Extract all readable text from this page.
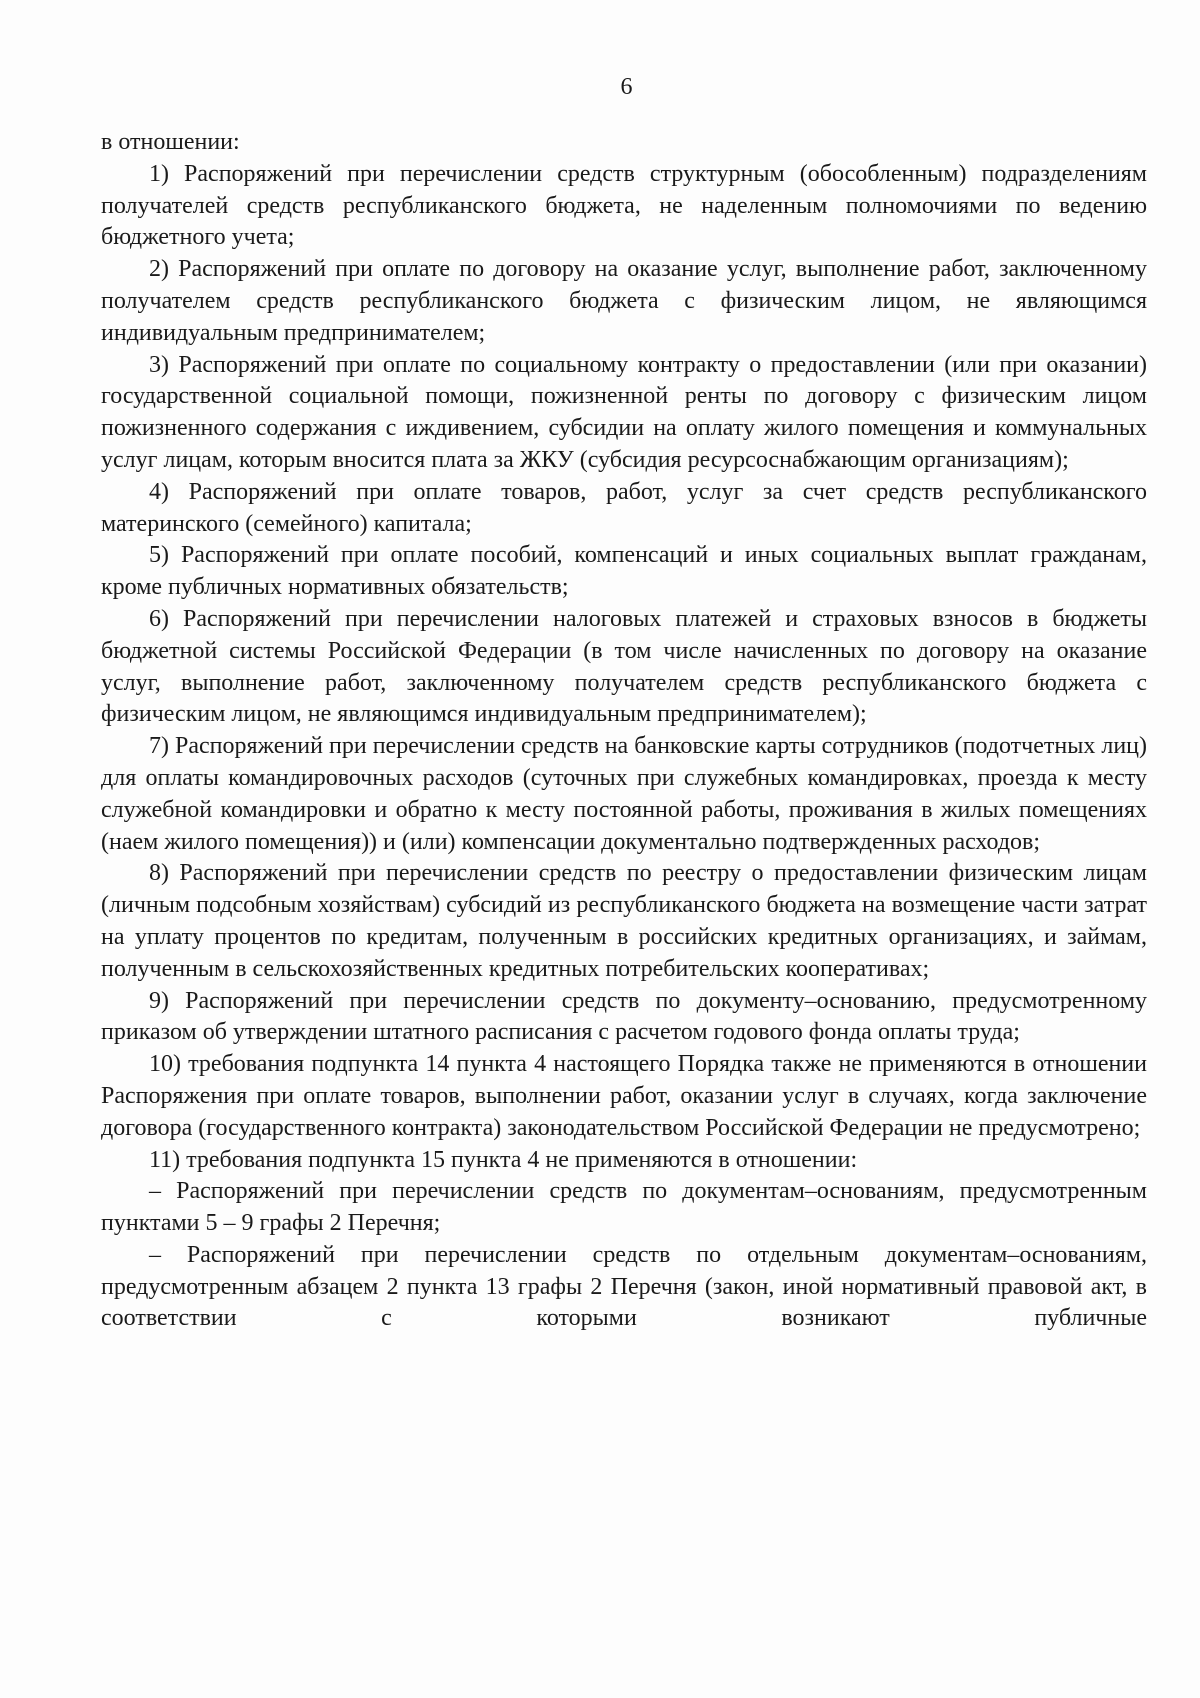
6

в отношении:

1) Распоряжений при перечислении средств структурным (обособленным) подразделениям получателей средств республиканского бюджета, не наделенным полномочиями по ведению бюджетного учета;

2) Распоряжений при оплате по договору на оказание услуг, выполнение работ, заключенному получателем средств республиканского бюджета с физическим лицом, не являющимся индивидуальным предпринимателем;

3) Распоряжений при оплате по социальному контракту о предоставлении (или при оказании) государственной социальной помощи, пожизненной ренты по договору с физическим лицом пожизненного содержания с иждивением, субсидии на оплату жилого помещения и коммунальных услуг лицам, которым вносится плата за ЖКУ (субсидия ресурсоснабжающим организациям);

4) Распоряжений при оплате товаров, работ, услуг за счет средств республиканского материнского (семейного) капитала;

5) Распоряжений при оплате пособий, компенсаций и иных социальных выплат гражданам, кроме публичных нормативных обязательств;

6) Распоряжений при перечислении налоговых платежей и страховых взносов в бюджеты бюджетной системы Российской Федерации (в том числе начисленных по договору на оказание услуг, выполнение работ, заключенному получателем средств республиканского бюджета с физическим лицом, не являющимся индивидуальным предпринимателем);

7) Распоряжений при перечислении средств на банковские карты сотрудников (подотчетных лиц) для оплаты командировочных расходов (суточных при служебных командировках, проезда к месту служебной командировки и обратно к месту постоянной работы, проживания в жилых помещениях (наем жилого помещения)) и (или) компенсации документально подтвержденных расходов;

8) Распоряжений при перечислении средств по реестру о предоставлении физическим лицам (личным подсобным хозяйствам) субсидий из республиканского бюджета на возмещение части затрат на уплату процентов по кредитам, полученным в российских кредитных организациях, и займам, полученным в сельскохозяйственных кредитных потребительских кооперативах;

9) Распоряжений при перечислении средств по документу–основанию, предусмотренному приказом об утверждении штатного расписания с расчетом годового фонда оплаты труда;

10) требования подпункта 14 пункта 4 настоящего Порядка также не применяются в отношении Распоряжения при оплате товаров, выполнении работ, оказании услуг в случаях, когда заключение договора (государственного контракта) законодательством Российской Федерации не предусмотрено;

11) требования подпункта 15 пункта 4 не применяются в отношении:

– Распоряжений при перечислении средств по документам–основаниям, предусмотренным пунктами 5 – 9 графы 2 Перечня;

– Распоряжений при перечислении средств по отдельным документам–основаниям, предусмотренным абзацем 2 пункта 13 графы 2 Перечня (закон, иной нормативный правовой акт, в соответствии с которыми возникают публичные
